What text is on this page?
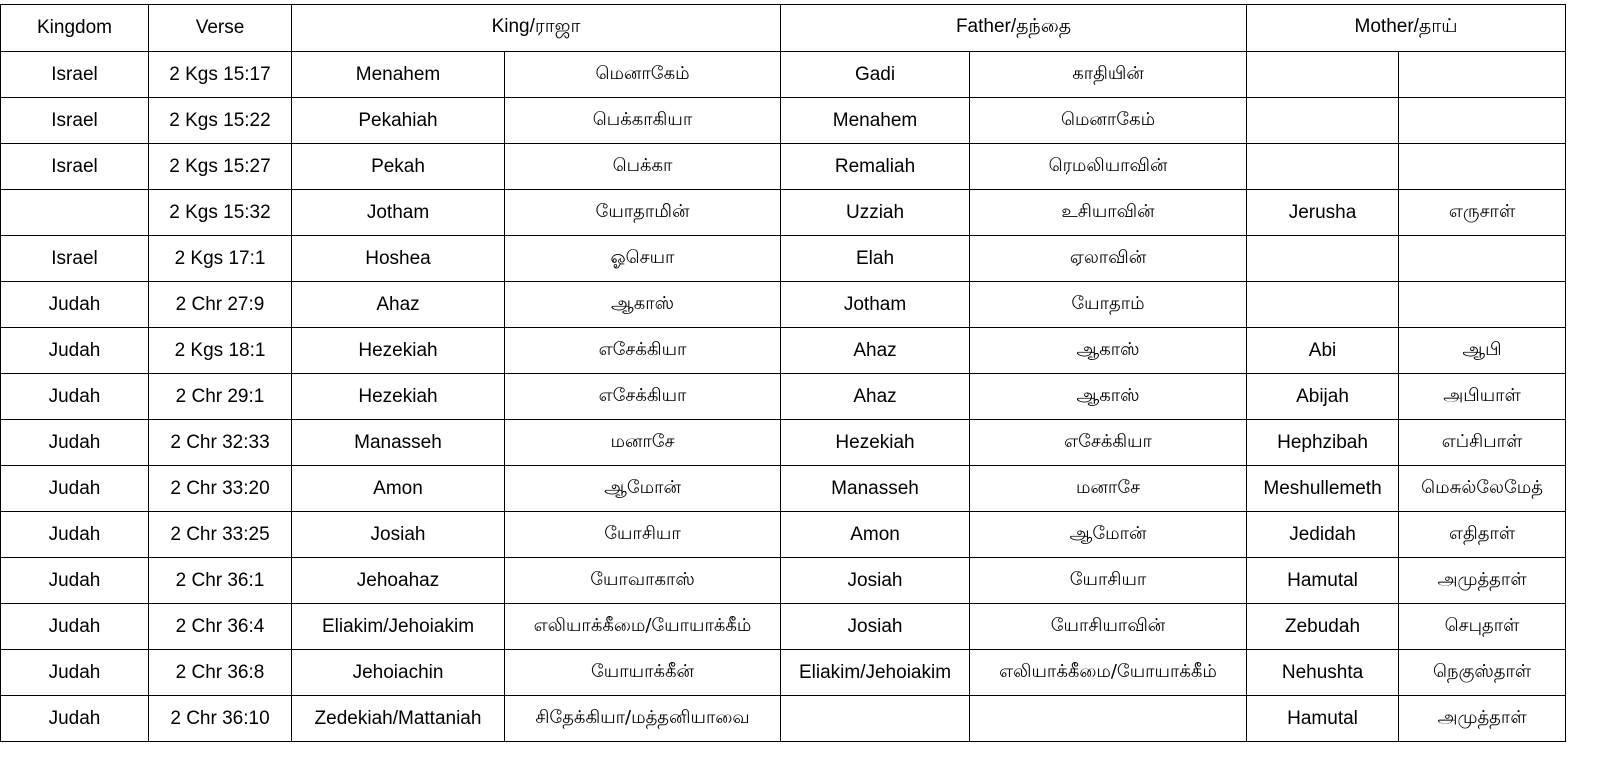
Kingdom	Verse	King/ராஜா		Father/தந்தை		Mother/தாய்	
Israel	2 Kgs 15:17	Menahem	மெனாகேம்	Gadi	காதியின்		
Israel	2 Kgs 15:22	Pekahiah	பெக்காகியா	Menahem	மெனாகேம்		
Israel	2 Kgs 15:27	Pekah	பெக்கா	Remaliah	ரெமலியாவின்		
	2 Kgs 15:32	Jotham	யோதாமின்	Uzziah	உசியாவின்	Jerusha	எருசாள்
Israel	2 Kgs 17:1	Hoshea	ஓசெயா	Elah	ஏலாவின்		
Judah	2 Chr 27:9	Ahaz	ஆகாஸ்	Jotham	யோதாம்		
Judah	2 Kgs 18:1	Hezekiah	எசேக்கியா	Ahaz	ஆகாஸ்	Abi	ஆபி
Judah	2 Chr 29:1	Hezekiah	எசேக்கியா	Ahaz	ஆகாஸ்	Abijah	அபியாள்
Judah	2 Chr 32:33	Manasseh	மனாசே	Hezekiah	எசேக்கியா	Hephzibah	எப்சிபாள்
Judah	2 Chr 33:20	Amon	ஆமோன்	Manasseh	மனாசே	Meshullemeth	மெசுல்லேமேத்
Judah	2 Chr 33:25	Josiah	யோசியா	Amon	ஆமோன்	Jedidah	எதிதாள்
Judah	2 Chr 36:1	Jehoahaz	யோவாகாஸ்	Josiah	யோசியா	Hamutal	அமுத்தாள்
Judah	2 Chr 36:4	Eliakim/Jehoiakim	எலியாக்கீமை/யோயாக்கீம்	Josiah	யோசியாவின்	Zebudah	செபுதாள்
Judah	2 Chr 36:8	Jehoiachin	யோயாக்கீன்	Eliakim/Jehoiakim	எலியாக்கீமை/யோயாக்கீம்	Nehushta	நெகுஸ்தாள்
Judah	2 Chr 36:10	Zedekiah/Mattaniah	சிதேக்கியா/மத்தனியாவை			Hamutal	அமுத்தாள்
